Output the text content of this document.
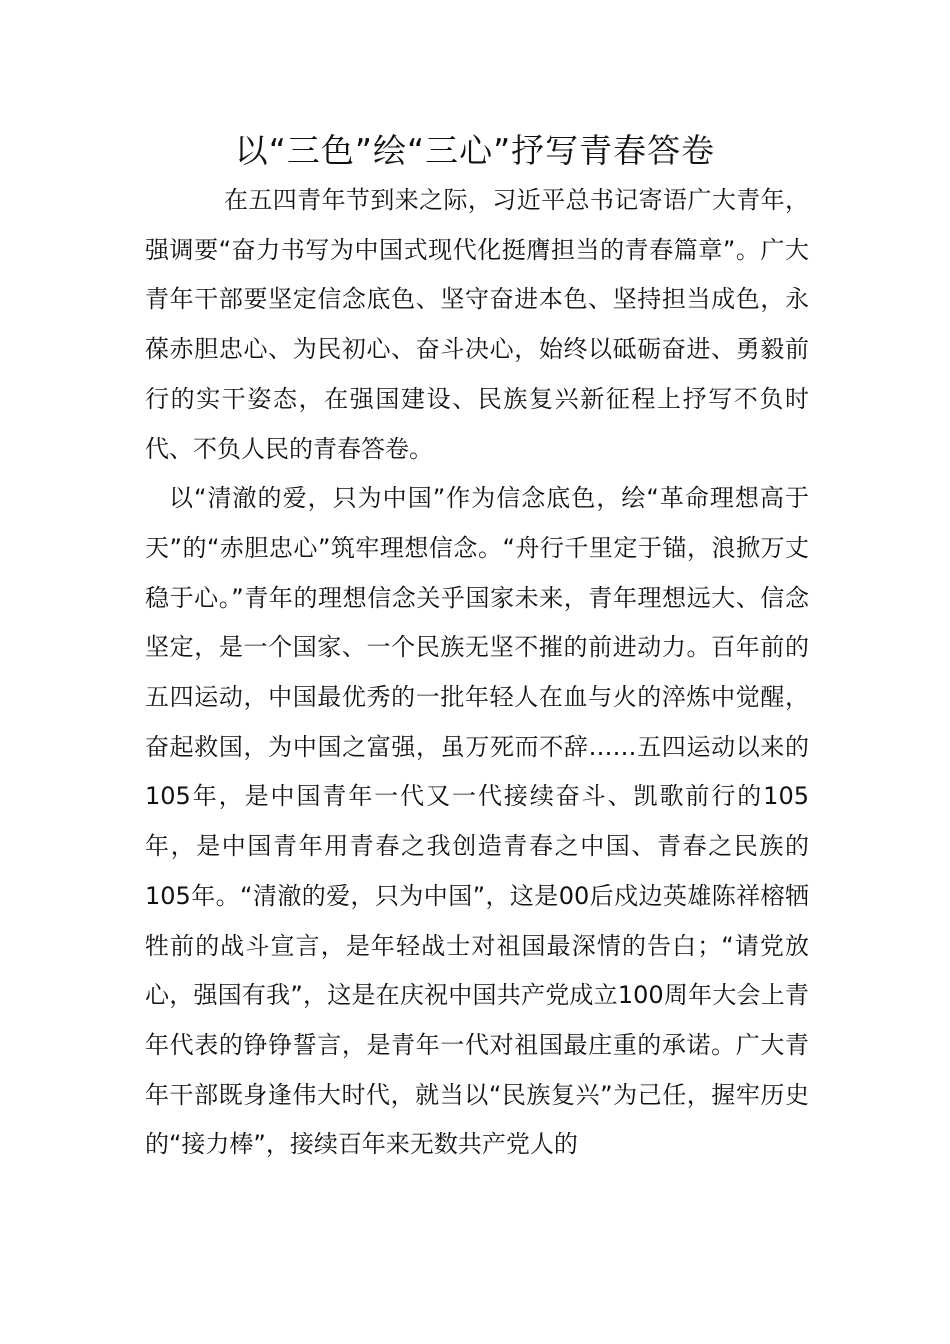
以“三色”绘“三心”抒写青春答卷

在五四青年节到来之际，习近平总书记寄语广大青年，强调要“奋力书写为中国式现代化挺膺担当的青春篇章”。广大青年干部要坚定信念底色、坚守奋进本色、坚持担当成色，永葆赤胆忠心、为民初心、奋斗决心，始终以砥砺奋进、勇毅前行的实干姿态，在强国建设、民族复兴新征程上抒写不负时代、不负人民的青春答卷。

以“清澈的爱，只为中国”作为信念底色，绘“革命理想高于天”的“赤胆忠心”筑牢理想信念。“舟行千里定于锚，浪掀万丈稳于心。”青年的理想信念关乎国家未来，青年理想远大、信念坚定，是一个国家、一个民族无坚不摧的前进动力。百年前的五四运动，中国最优秀的一批年轻人在血与火的淬炼中觉醒，奋起救国，为中国之富强，虽万死而不辞……五四运动以来的105年，是中国青年一代又一代接续奋斗、凯歌前行的105年，是中国青年用青春之我创造青春之中国、青春之民族的105年。“清澈的爱，只为中国”，这是00后戍边英雄陈祥榕牺牲前的战斗宣言，是年轻战士对祖国最深情的告白；“请党放心，强国有我”，这是在庆祝中国共产党成立100周年大会上青年代表的铮铮誓言，是青年一代对祖国最庄重的承诺。广大青年干部既身逢伟大时代，就当以“民族复兴”为己任，握牢历史的“接力棒”，接续百年来无数共产党人的
